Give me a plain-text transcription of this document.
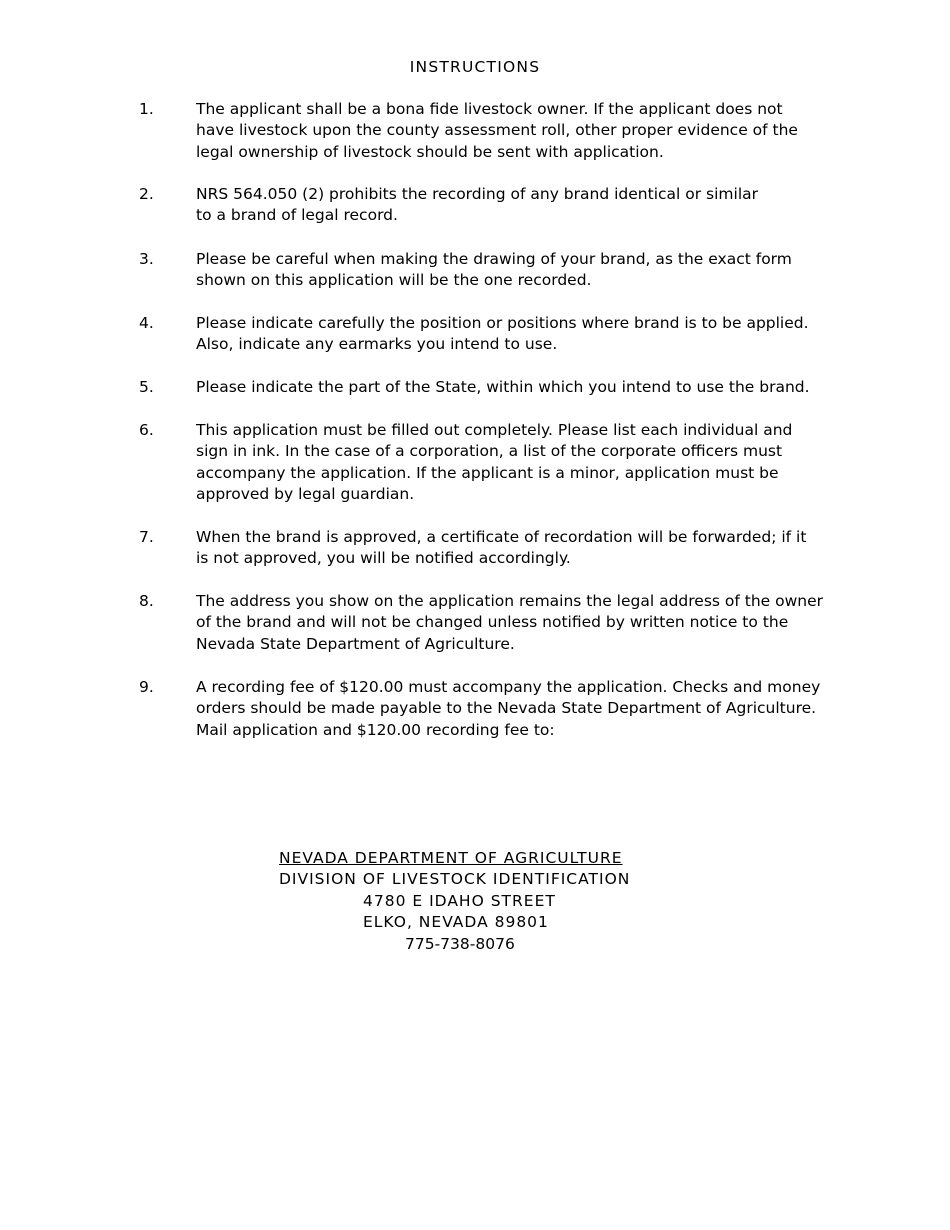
INSTRUCTIONS
1.	The applicant shall be a bona fide livestock owner. If the applicant does not
have livestock upon the county assessment roll, other proper evidence of the
legal ownership of livestock should be sent with application.
2.	NRS 564.050 (2) prohibits the recording of any brand identical or similar
to a brand of legal record.
3.	Please be careful when making the drawing of your brand, as the exact form
shown on this application will be the one recorded.
4.	Please indicate carefully the position or positions where brand is to be applied.
Also, indicate any earmarks you intend to use.
5.	Please indicate the part of the State, within which you intend to use the brand.
6.	This application must be filled out completely. Please list each individual and
sign in ink. In the case of a corporation, a list of the corporate officers must
accompany the application. If the applicant is a minor, application must be
approved by legal guardian.
7.	When the brand is approved, a certificate of recordation will be forwarded; if it
is not approved, you will be notified accordingly.
8.	The address you show on the application remains the legal address of the owner
of the brand and will not be changed unless notified by written notice to the
Nevada State Department of Agriculture.
9.	A recording fee of $120.00 must accompany the application. Checks and money
orders should be made payable to the Nevada State Department of Agriculture.
Mail application and $120.00 recording fee to:
NEVADA DEPARTMENT OF AGRICULTURE
DIVISION OF LIVESTOCK IDENTIFICATION
4780 E IDAHO STREET
ELKO, NEVADA 89801
775-738-8076
